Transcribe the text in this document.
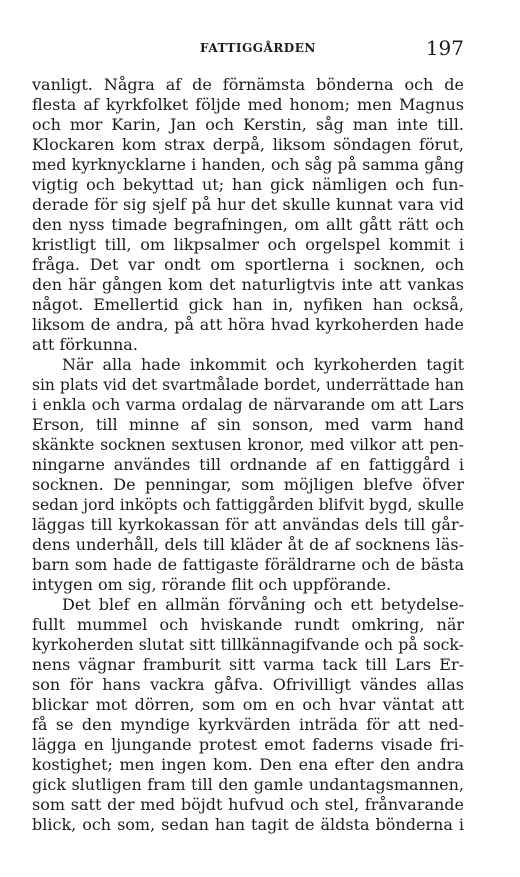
FATTIGGÅRDEN	197
vanligt. Några af de förnämsta bönderna och de
flesta af kyrkfolket följde med honom; men Magnus
och mor Karin, Jan och Kerstin, såg man inte till.
Klockaren kom strax derpå, liksom söndagen förut,
med kyrknycklarne i handen, och såg på samma gång
vigtig och bekyttad ut; han gick nämligen och fun-
derade för sig sjelf på hur det skulle kunnat vara vid
den nyss timade begrafningen, om allt gått rätt och
kristligt till, om likpsalmer och orgelspel kommit i
fråga. Det var ondt om sportlerna i socknen, och
den här gången kom det naturligtvis inte att vankas
något. Emellertid gick han in, nyfiken han också,
liksom de andra, på att höra hvad kyrkoherden hade
att förkunna.
När alla hade inkommit och kyrkoherden tagit
sin plats vid det svartmålade bordet, underrättade han
i enkla och varma ordalag de närvarande om att Lars
Erson, till minne af sin sonson, med varm hand
skänkte socknen sextusen kronor, med vilkor att pen-
ningarne användes till ordnande af en fattiggård i
socknen. De penningar, som möjligen blefve öfver
sedan jord inköpts och fattiggården blifvit bygd, skulle
läggas till kyrkokassan för att användas dels till går-
dens underhåll, dels till kläder åt de af socknens läs-
barn som hade de fattigaste föräldrarne och de bästa
intygen om sig, rörande flit och uppförande.
Det blef en allmän förvåning och ett betydelse-
fullt mummel och hviskande rundt omkring, när
kyrkoherden slutat sitt tillkännagifvande och på sock-
nens vägnar framburit sitt varma tack till Lars Er-
son för hans vackra gåfva. Ofrivilligt vändes allas
blickar mot dörren, som om en och hvar väntat att
få se den myndige kyrkvärden inträda för att ned-
lägga en ljungande protest emot faderns visade fri-
kostighet; men ingen kom. Den ena efter den andra
gick slutligen fram till den gamle undantagsmannen,
som satt der med böjdt hufvud och stel, frånvarande
blick, och som, sedan han tagit de äldsta bönderna i
